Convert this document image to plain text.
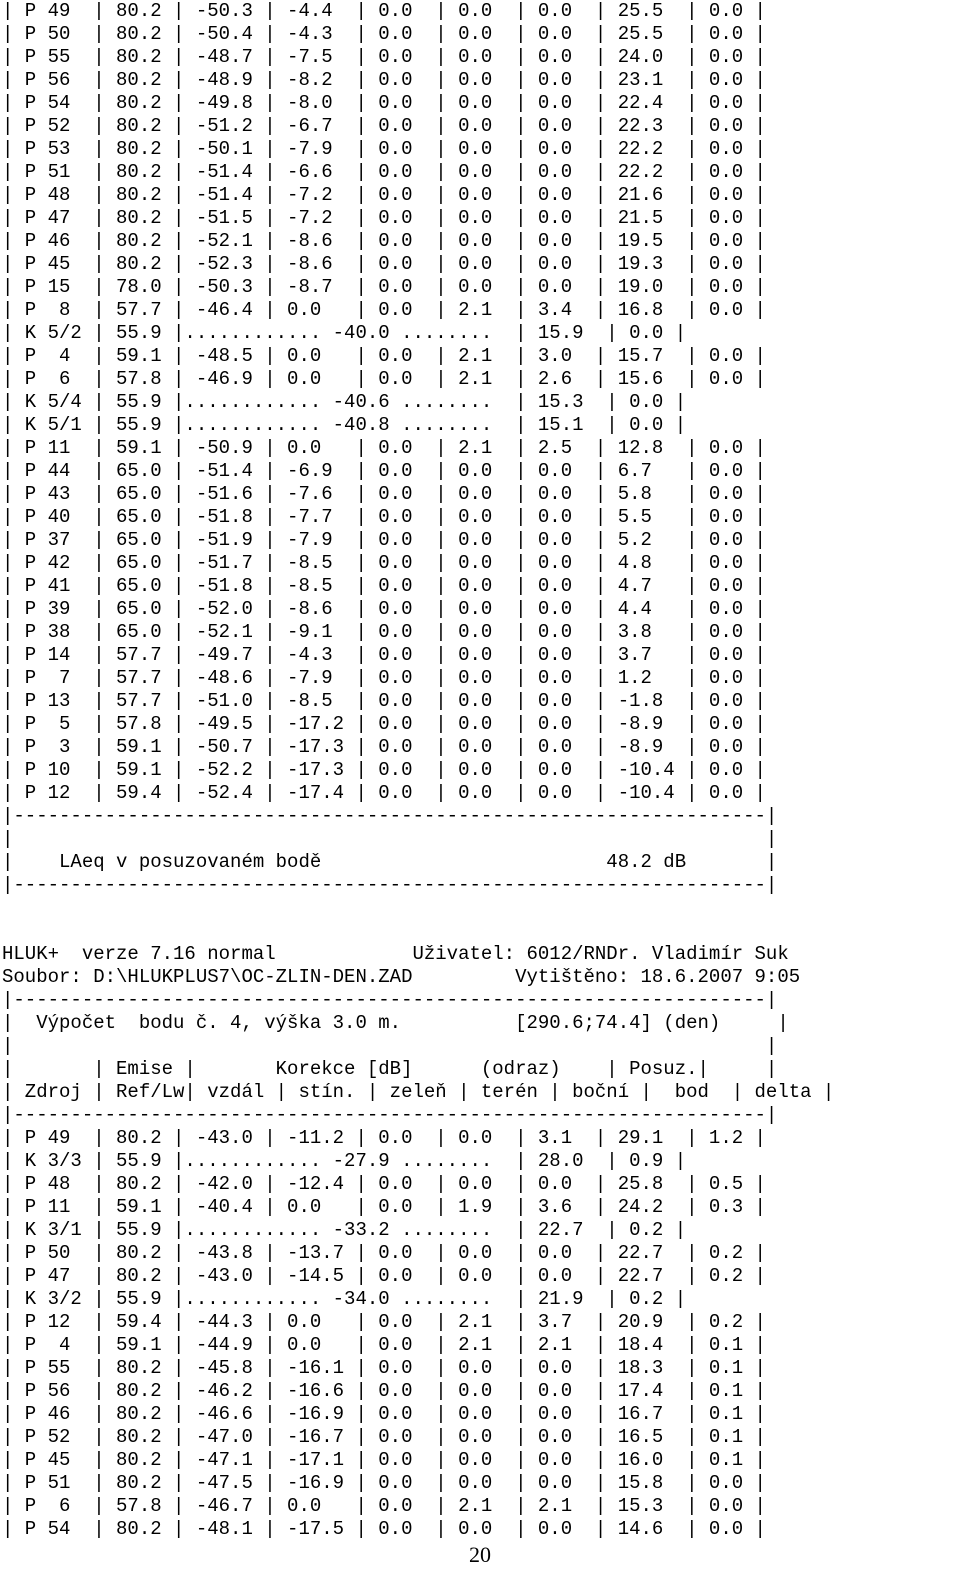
| P 49  | 80.2 | -50.3 | -4.4  | 0.0  | 0.0  | 0.0  | 25.5  | 0.0 |
| P 50  | 80.2 | -50.4 | -4.3  | 0.0  | 0.0  | 0.0  | 25.5  | 0.0 |
| P 55  | 80.2 | -48.7 | -7.5  | 0.0  | 0.0  | 0.0  | 24.0  | 0.0 |
| P 56  | 80.2 | -48.9 | -8.2  | 0.0  | 0.0  | 0.0  | 23.1  | 0.0 |
| P 54  | 80.2 | -49.8 | -8.0  | 0.0  | 0.0  | 0.0  | 22.4  | 0.0 |
| P 52  | 80.2 | -51.2 | -6.7  | 0.0  | 0.0  | 0.0  | 22.3  | 0.0 |
| P 53  | 80.2 | -50.1 | -7.9  | 0.0  | 0.0  | 0.0  | 22.2  | 0.0 |
| P 51  | 80.2 | -51.4 | -6.6  | 0.0  | 0.0  | 0.0  | 22.2  | 0.0 |
| P 48  | 80.2 | -51.4 | -7.2  | 0.0  | 0.0  | 0.0  | 21.6  | 0.0 |
| P 47  | 80.2 | -51.5 | -7.2  | 0.0  | 0.0  | 0.0  | 21.5  | 0.0 |
| P 46  | 80.2 | -52.1 | -8.6  | 0.0  | 0.0  | 0.0  | 19.5  | 0.0 |
| P 45  | 80.2 | -52.3 | -8.6  | 0.0  | 0.0  | 0.0  | 19.3  | 0.0 |
| P 15  | 78.0 | -50.3 | -8.7  | 0.0  | 0.0  | 0.0  | 19.0  | 0.0 |
| P  8  | 57.7 | -46.4 | 0.0   | 0.0  | 2.1  | 3.4  | 16.8  | 0.0 |
| K 5/2 | 55.9 |............ -40.0 ........  | 15.9  | 0.0 |
| P  4  | 59.1 | -48.5 | 0.0   | 0.0  | 2.1  | 3.0  | 15.7  | 0.0 |
| P  6  | 57.8 | -46.9 | 0.0   | 0.0  | 2.1  | 2.6  | 15.6  | 0.0 |
| K 5/4 | 55.9 |............ -40.6 ........  | 15.3  | 0.0 |
| K 5/1 | 55.9 |............ -40.8 ........  | 15.1  | 0.0 |
| P 11  | 59.1 | -50.9 | 0.0   | 0.0  | 2.1  | 2.5  | 12.8  | 0.0 |
| P 44  | 65.0 | -51.4 | -6.9  | 0.0  | 0.0  | 0.0  | 6.7   | 0.0 |
| P 43  | 65.0 | -51.6 | -7.6  | 0.0  | 0.0  | 0.0  | 5.8   | 0.0 |
| P 40  | 65.0 | -51.8 | -7.7  | 0.0  | 0.0  | 0.0  | 5.5   | 0.0 |
| P 37  | 65.0 | -51.9 | -7.9  | 0.0  | 0.0  | 0.0  | 5.2   | 0.0 |
| P 42  | 65.0 | -51.7 | -8.5  | 0.0  | 0.0  | 0.0  | 4.8   | 0.0 |
| P 41  | 65.0 | -51.8 | -8.5  | 0.0  | 0.0  | 0.0  | 4.7   | 0.0 |
| P 39  | 65.0 | -52.0 | -8.6  | 0.0  | 0.0  | 0.0  | 4.4   | 0.0 |
| P 38  | 65.0 | -52.1 | -9.1  | 0.0  | 0.0  | 0.0  | 3.8   | 0.0 |
| P 14  | 57.7 | -49.7 | -4.3  | 0.0  | 0.0  | 0.0  | 3.7   | 0.0 |
| P  7  | 57.7 | -48.6 | -7.9  | 0.0  | 0.0  | 0.0  | 1.2   | 0.0 |
| P 13  | 57.7 | -51.0 | -8.5  | 0.0  | 0.0  | 0.0  | -1.8  | 0.0 |
| P  5  | 57.8 | -49.5 | -17.2 | 0.0  | 0.0  | 0.0  | -8.9  | 0.0 |
| P  3  | 59.1 | -50.7 | -17.3 | 0.0  | 0.0  | 0.0  | -8.9  | 0.0 |
| P 10  | 59.1 | -52.2 | -17.3 | 0.0  | 0.0  | 0.0  | -10.4 | 0.0 |
| P 12  | 59.4 | -52.4 | -17.4 | 0.0  | 0.0  | 0.0  | -10.4 | 0.0 |
|------------------------------------------------------------------|
|                                                                  |
|    LAeq v posuzovaném bodě                         48.2 dB       |
|------------------------------------------------------------------|
HLUK+  verze 7.16 normal            Uživatel: 6012/RNDr. Vladimír Suk
Soubor: D:\HLUKPLUS7\OC-ZLIN-DEN.ZAD         Vytištěno: 18.6.2007 9:05
|------------------------------------------------------------------|
|  Výpočet  bodu č. 4, výška 3.0 m.          [290.6;74.4] (den)     |
|                                                                  |
|       | Emise |       Korekce [dB]      (odraz)    | Posuz.|     |
| Zdroj | Ref/Lw| vzdál | stín. | zeleň | terén | boční |  bod  | delta |
|------------------------------------------------------------------|
| P 49  | 80.2 | -43.0 | -11.2 | 0.0  | 0.0  | 3.1  | 29.1  | 1.2 |
| K 3/3 | 55.9 |............ -27.9 ........  | 28.0  | 0.9 |
| P 48  | 80.2 | -42.0 | -12.4 | 0.0  | 0.0  | 0.0  | 25.8  | 0.5 |
| P 11  | 59.1 | -40.4 | 0.0   | 0.0  | 1.9  | 3.6  | 24.2  | 0.3 |
| K 3/1 | 55.9 |............ -33.2 ........  | 22.7  | 0.2 |
| P 50  | 80.2 | -43.8 | -13.7 | 0.0  | 0.0  | 0.0  | 22.7  | 0.2 |
| P 47  | 80.2 | -43.0 | -14.5 | 0.0  | 0.0  | 0.0  | 22.7  | 0.2 |
| K 3/2 | 55.9 |............ -34.0 ........  | 21.9  | 0.2 |
| P 12  | 59.4 | -44.3 | 0.0   | 0.0  | 2.1  | 3.7  | 20.9  | 0.2 |
| P  4  | 59.1 | -44.9 | 0.0   | 0.0  | 2.1  | 2.1  | 18.4  | 0.1 |
| P 55  | 80.2 | -45.8 | -16.1 | 0.0  | 0.0  | 0.0  | 18.3  | 0.1 |
| P 56  | 80.2 | -46.2 | -16.6 | 0.0  | 0.0  | 0.0  | 17.4  | 0.1 |
| P 46  | 80.2 | -46.6 | -16.9 | 0.0  | 0.0  | 0.0  | 16.7  | 0.1 |
| P 52  | 80.2 | -47.0 | -16.7 | 0.0  | 0.0  | 0.0  | 16.5  | 0.1 |
| P 45  | 80.2 | -47.1 | -17.1 | 0.0  | 0.0  | 0.0  | 16.0  | 0.1 |
| P 51  | 80.2 | -47.5 | -16.9 | 0.0  | 0.0  | 0.0  | 15.8  | 0.0 |
| P  6  | 57.8 | -46.7 | 0.0   | 0.0  | 2.1  | 2.1  | 15.3  | 0.0 |
| P 54  | 80.2 | -48.1 | -17.5 | 0.0  | 0.0  | 0.0  | 14.6  | 0.0 |
20
